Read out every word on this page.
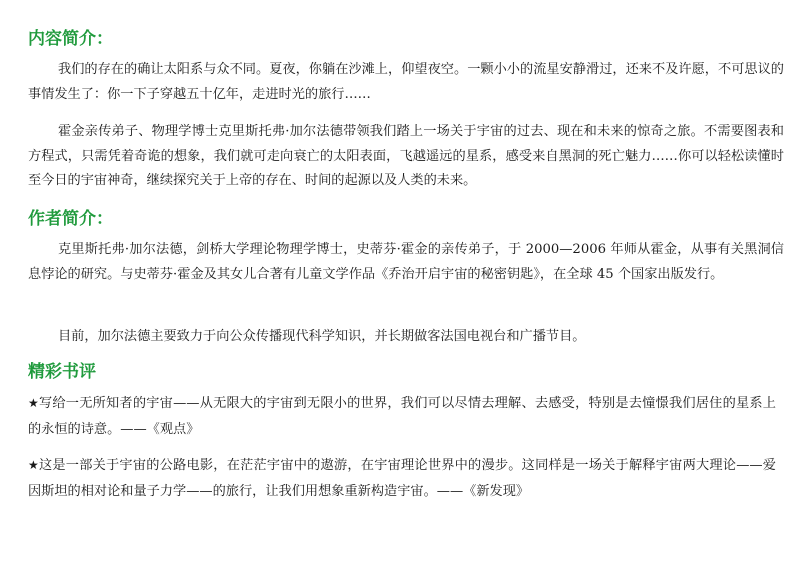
内容简介：

我们的存在的确让太阳系与众不同。夏夜，你躺在沙滩上，仰望夜空。一颗小小的流星安静滑过，还来不及许愿，不可思议的事情发生了：你一下子穿越五十亿年，走进时光的旅行……

霍金亲传弟子、物理学博士克里斯托弗·加尔法德带领我们踏上一场关于宇宙的过去、现在和未来的惊奇之旅。不需要图表和方程式，只需凭着奇诡的想象，我们就可走向衰亡的太阳表面，飞越遥远的星系，感受来自黑洞的死亡魅力……你可以轻松读懂时至今日的宇宙神奇，继续探究关于上帝的存在、时间的起源以及人类的未来。

作者简介：

克里斯托弗·加尔法德，剑桥大学理论物理学博士，史蒂芬·霍金的亲传弟子，于 2000—2006 年师从霍金，从事有关黑洞信息悖论的研究。与史蒂芬·霍金及其女儿合著有儿童文学作品《乔治开启宇宙的秘密钥匙》，在全球 45 个国家出版发行。

目前，加尔法德主要致力于向公众传播现代科学知识，并长期做客法国电视台和广播节目。

精彩书评

★写给一无所知者的宇宙——从无限大的宇宙到无限小的世界，我们可以尽情去理解、去感受，特别是去憧憬我们居住的星系上的永恒的诗意。——《观点》

★这是一部关于宇宙的公路电影，在茫茫宇宙中的遨游，在宇宙理论世界中的漫步。这同样是一场关于解释宇宙两大理论——爱因斯坦的相对论和量子力学——的旅行，让我们用想象重新构造宇宙。——《新发现》
